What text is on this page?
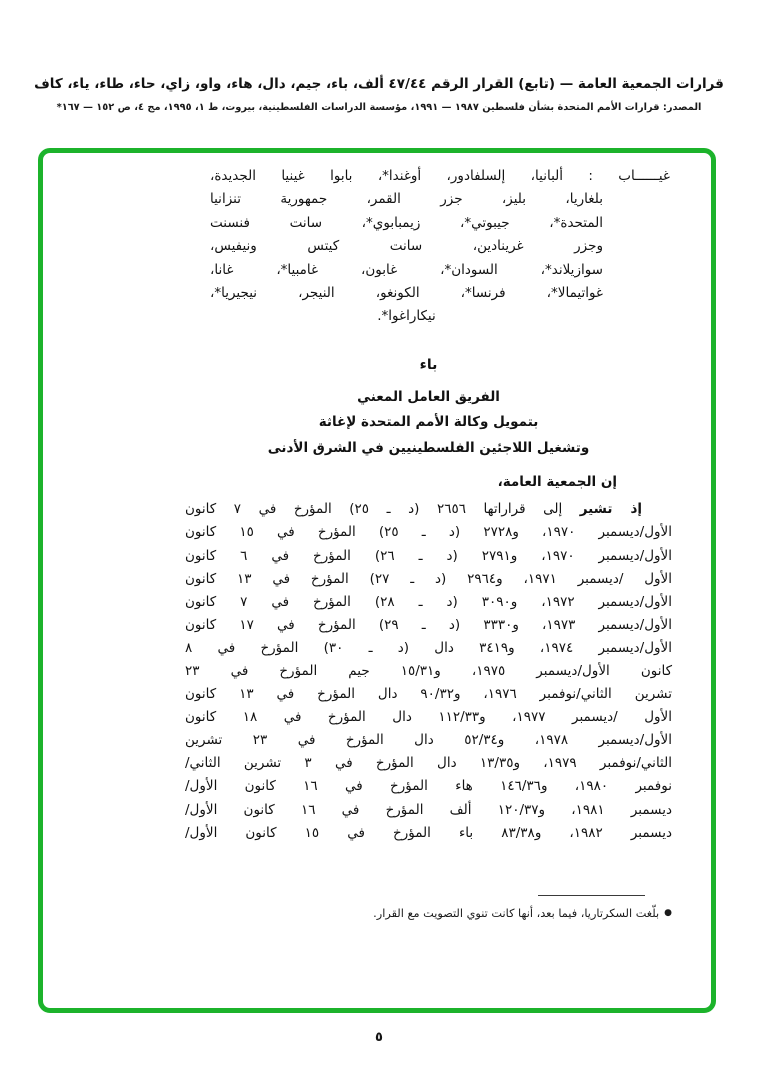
قرارات الجمعية العامة — (تابع) القرار الرقم ٤٧/٤٤ ألف، باء، جيم، دال، هاء، واو، زاي، حاء، طاء، ياء، كاف
المصدر: قرارات الأمم المتحدة بشأن فلسطين ١٩٨٧ — ١٩٩١، مؤسسة الدراسات الفلسطينية، بيروت، ط ١، ١٩٩٥، مج ٤، ص ١٥٢ — ١٦٧*
غيــــــاب : ألبانيا، إلسلفادور، أوغندا*، بابوا غينيا الجديدة،
بلغاريا، بليز، جزر القمر، جمهورية تنزانيا
المتحدة*، جيبوتي*، زيمبابوي*، سانت فنسنت
وجزر غرينادين، سانت كيتس ونيفيس،
سوازيلاند*، السودان*، غابون، غامبيا*، غانا،
غواتيمالا*، فرنسا*، الكونغو، النيجر، نيجيريا*،
نيكاراغوا*.
باء
الفريق العامل المعني
بتمويل وكالة الأمم المتحدة لإغاثة
وتشغيل اللاجئين الفلسطينيين في الشرق الأدنى
إن الجمعية العامة،
إذ تشير إلى قراراتها ٢٦٥٦ (د ـ ٢٥) المؤرخ في ٧ كانون
الأول/ديسمبر ١٩٧٠، و٢٧٢٨ (د ـ ٢٥) المؤرخ في ١٥ كانون
الأول/ديسمبر ١٩٧٠، و٢٧٩١ (د ـ ٢٦) المؤرخ في ٦ كانون
الأول /ديسمبر ١٩٧١، و٢٩٦٤ (د ـ ٢٧) المؤرخ في ١٣ كانون
الأول/ديسمبر ١٩٧٢، و٣٠٩٠ (د ـ ٢٨) المؤرخ في ٧ كانون
الأول/ديسمبر ١٩٧٣، و٣٣٣٠ (د ـ ٢٩) المؤرخ في ١٧ كانون
الأول/ديسمبر ١٩٧٤، و٣٤١٩ دال (د ـ ٣٠) المؤرخ في ٨
كانون الأول/ديسمبر ١٩٧٥، و١٥/٣١ جيم المؤرخ في ٢٣
تشرين الثاني/نوفمبر ١٩٧٦، و٩٠/٣٢ دال المؤرخ في ١٣ كانون
الأول /ديسمبر ١٩٧٧، و١١٢/٣٣ دال المؤرخ في ١٨ كانون
الأول/ديسمبر ١٩٧٨، و٥٢/٣٤ دال المؤرخ في ٢٣ تشرين
الثاني/نوفمبر ١٩٧٩، و١٣/٣٥ دال المؤرخ في ٣ تشرين الثاني/
نوفمبر ١٩٨٠، و١٤٦/٣٦ هاء المؤرخ في ١٦ كانون الأول/
ديسمبر ١٩٨١، و١٢٠/٣٧ ألف المؤرخ في ١٦ كانون الأول/
ديسمبر ١٩٨٢، و٨٣/٣٨ باء المؤرخ في ١٥ كانون الأول/
●بلّغت السكرتاريا، فيما بعد، أنها كانت تنوي التصويت مع القرار.
٥
